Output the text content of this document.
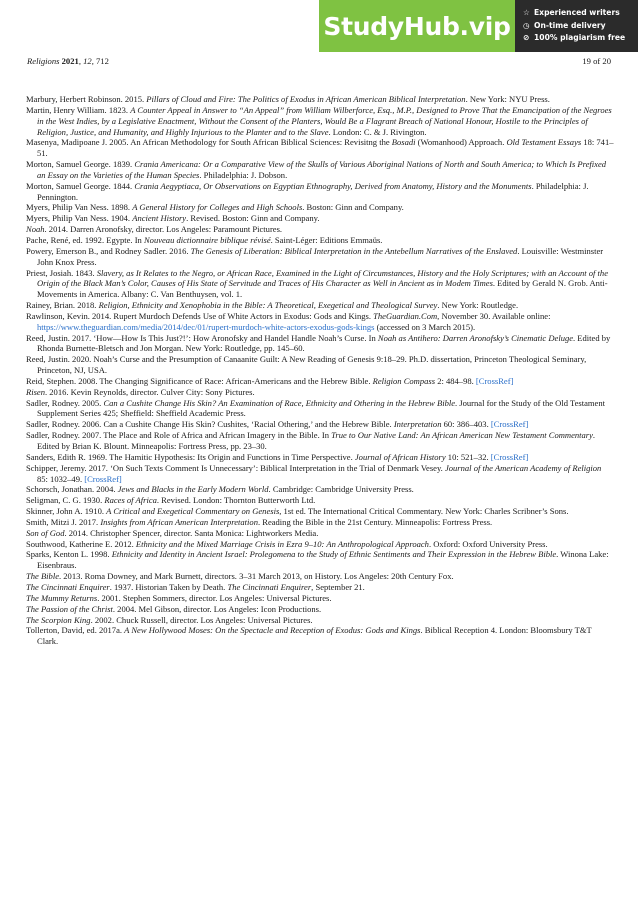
StudyHub.vip	☆ Experienced writers
◷ On-time delivery
⊘ 100% plagiarism free
Religions 2021, 12, 712	19 of 20

Marbury, Herbert Robinson. 2015. Pillars of Cloud and Fire: The Politics of Exodus in African American Biblical Interpretation. New York: NYU Press.

Martin, Henry William. 1823. A Counter Appeal in Answer to “An Appeal” from William Wilberforce, Esq., M.P., Designed to Prove That the Emancipation of the Negroes in the West Indies, by a Legislative Enactment, Without the Consent of the Planters, Would Be a Flagrant Breach of National Honour, Hostile to the Principles of Religion, Justice, and Humanity, and Highly Injurious to the Planter and to the Slave. London: C. & J. Rivington.

Masenya, Madipoane J. 2005. An African Methodology for South African Biblical Sciences: Revisitng the Bosadi (Womanhood) Approach. Old Testament Essays 18: 741–51.

Morton, Samuel George. 1839. Crania Americana: Or a Comparative View of the Skulls of Various Aboriginal Nations of North and South America; to Which Is Prefixed an Essay on the Varieties of the Human Species. Philadelphia: J. Dobson.

Morton, Samuel George. 1844. Crania Aegyptiaca, Or Observations on Egyptian Ethnography, Derived from Anatomy, History and the Monuments. Philadelphia: J. Pennington.

Myers, Philip Van Ness. 1898. A General History for Colleges and High Schools. Boston: Ginn and Company.

Myers, Philip Van Ness. 1904. Ancient History. Revised. Boston: Ginn and Company.

Noah. 2014. Darren Aronofsky, director. Los Angeles: Paramount Pictures.

Pache, René, ed. 1992. Egypte. In Nouveau dictionnaire biblique révisé. Saint-Léger: Editions Emmaüs.

Powery, Emerson B., and Rodney Sadler. 2016. The Genesis of Liberation: Biblical Interpretation in the Antebellum Narratives of the Enslaved. Louisville: Westminster John Knox Press.

Priest, Josiah. 1843. Slavery, as It Relates to the Negro, or African Race, Examined in the Light of Circumstances, History and the Holy Scriptures; with an Account of the Origin of the Black Man’s Color, Causes of His State of Servitude and Traces of His Character as Well in Ancient as in Modem Times. Edited by Gerald N. Grob. Anti-Movements in America. Albany: C. Van Benthuysen, vol. 1.

Rainey, Brian. 2018. Religion, Ethnicity and Xenophobia in the Bible: A Theoretical, Exegetical and Theological Survey. New York: Routledge.

Rawlinson, Kevin. 2014. Rupert Murdoch Defends Use of White Actors in Exodus: Gods and Kings. TheGuardian.Com, November 30. Available online: https://www.theguardian.com/media/2014/dec/01/rupert-murdoch-white-actors-exodus-gods-kings (accessed on 3 March 2015).

Reed, Justin. 2017. ‘How—How Is This Just?!’: How Aronofsky and Handel Handle Noah’s Curse. In Noah as Antihero: Darren Aronofsky’s Cinematic Deluge. Edited by Rhonda Burnette-Bletsch and Jon Morgan. New York: Routledge, pp. 145–60.

Reed, Justin. 2020. Noah’s Curse and the Presumption of Canaanite Guilt: A New Reading of Genesis 9:18–29. Ph.D. dissertation, Princeton Theological Seminary, Princeton, NJ, USA.

Reid, Stephen. 2008. The Changing Significance of Race: African-Americans and the Hebrew Bible. Religion Compass 2: 484–98. [CrossRef]

Risen. 2016. Kevin Reynolds, director. Culver City: Sony Pictures.

Sadler, Rodney. 2005. Can a Cushite Change His Skin? An Examination of Race, Ethnicity and Othering in the Hebrew Bible. Journal for the Study of the Old Testament Supplement Series 425; Sheffield: Sheffield Academic Press.

Sadler, Rodney. 2006. Can a Cushite Change His Skin? Cushites, ‘Racial Othering,’ and the Hebrew Bible. Interpretation 60: 386–403. [CrossRef]

Sadler, Rodney. 2007. The Place and Role of Africa and African Imagery in the Bible. In True to Our Native Land: An African American New Testament Commentary. Edited by Brian K. Blount. Minneapolis: Fortress Press, pp. 23–30.

Sanders, Edith R. 1969. The Hamitic Hypothesis: Its Origin and Functions in Time Perspective. Journal of African History 10: 521–32. [CrossRef]

Schipper, Jeremy. 2017. ‘On Such Texts Comment Is Unnecessary’: Biblical Interpretation in the Trial of Denmark Vesey. Journal of the American Academy of Religion 85: 1032–49. [CrossRef]

Schorsch, Jonathan. 2004. Jews and Blacks in the Early Modern World. Cambridge: Cambridge University Press.

Seligman, C. G. 1930. Races of Africa. Revised. London: Thornton Butterworth Ltd.

Skinner, John A. 1910. A Critical and Exegetical Commentary on Genesis, 1st ed. The International Critical Commentary. New York: Charles Scribner’s Sons.

Smith, Mitzi J. 2017. Insights from African American Interpretation. Reading the Bible in the 21st Century. Minneapolis: Fortress Press.

Son of God. 2014. Christopher Spencer, director. Santa Monica: Lightworkers Media.

Southwood, Katherine E. 2012. Ethnicity and the Mixed Marriage Crisis in Ezra 9–10: An Anthropological Approach. Oxford: Oxford University Press.

Sparks, Kenton L. 1998. Ethnicity and Identity in Ancient Israel: Prolegomena to the Study of Ethnic Sentiments and Their Expression in the Hebrew Bible. Winona Lake: Eisenbraus.

The Bible. 2013. Roma Downey, and Mark Burnett, directors. 3–31 March 2013, on History. Los Angeles: 20th Century Fox.

The Cincinnati Enquirer. 1937. Historian Taken by Death. The Cincinnati Enquirer, September 21.

The Mummy Returns. 2001. Stephen Sommers, director. Los Angeles: Universal Pictures.

The Passion of the Christ. 2004. Mel Gibson, director. Los Angeles: Icon Productions.

The Scorpion King. 2002. Chuck Russell, director. Los Angeles: Universal Pictures.

Tollerton, David, ed. 2017a. A New Hollywood Moses: On the Spectacle and Reception of Exodus: Gods and Kings. Biblical Reception 4. London: Bloomsbury T&T Clark.
